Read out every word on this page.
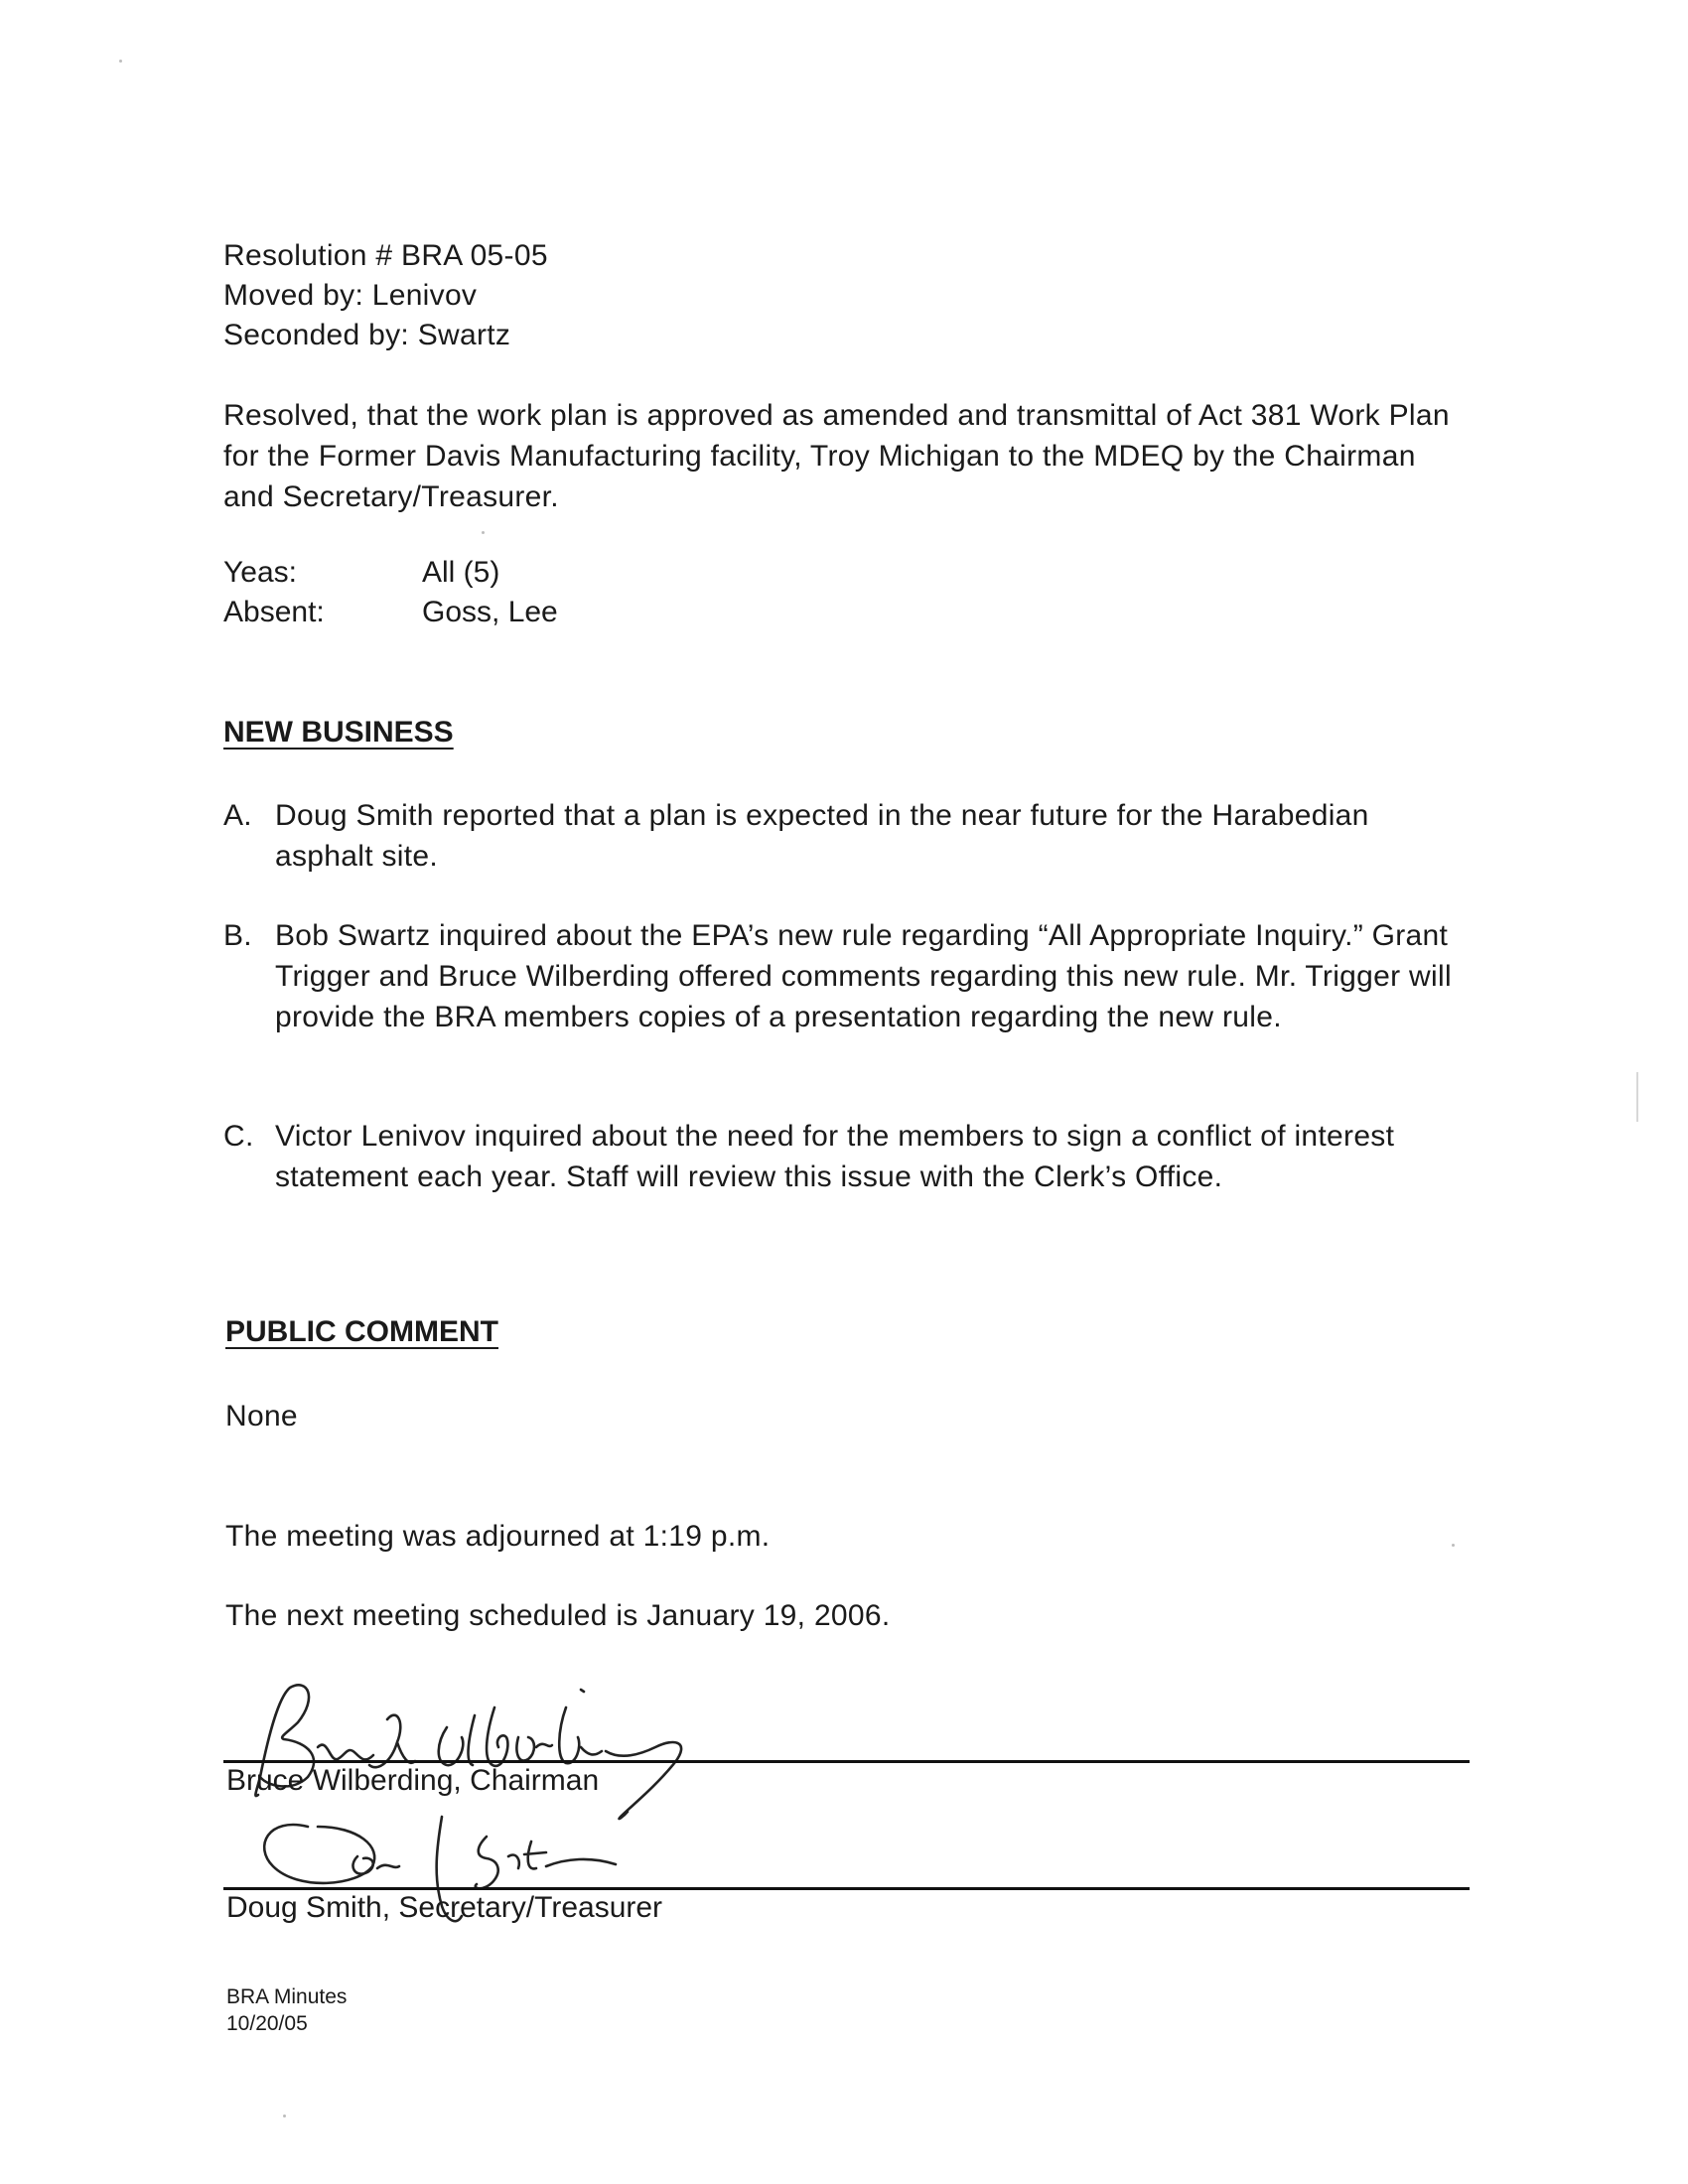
Resolution # BRA 05-05
Moved by: Lenivov
Seconded by: Swartz
Resolved, that the work plan is approved as amended and transmittal of Act 381 Work Plan for the Former Davis Manufacturing facility, Troy Michigan to the MDEQ by the Chairman and Secretary/Treasurer.
Yeas:	All (5)
Absent:	Goss, Lee
NEW BUSINESS
A. Doug Smith reported that a plan is expected in the near future for the Harabedian asphalt site.
B. Bob Swartz inquired about the EPA’s new rule regarding “All Appropriate Inquiry.” Grant Trigger and Bruce Wilberding offered comments regarding this new rule. Mr. Trigger will provide the BRA members copies of a presentation regarding the new rule.
C. Victor Lenivov inquired about the need for the members to sign a conflict of interest statement each year. Staff will review this issue with the Clerk’s Office.
PUBLIC COMMENT
None
The meeting was adjourned at 1:19 p.m.
The next meeting scheduled is January 19, 2006.
Bruce Wilberding, Chairman
Doug Smith, Secretary/Treasurer
BRA Minutes
10/20/05
